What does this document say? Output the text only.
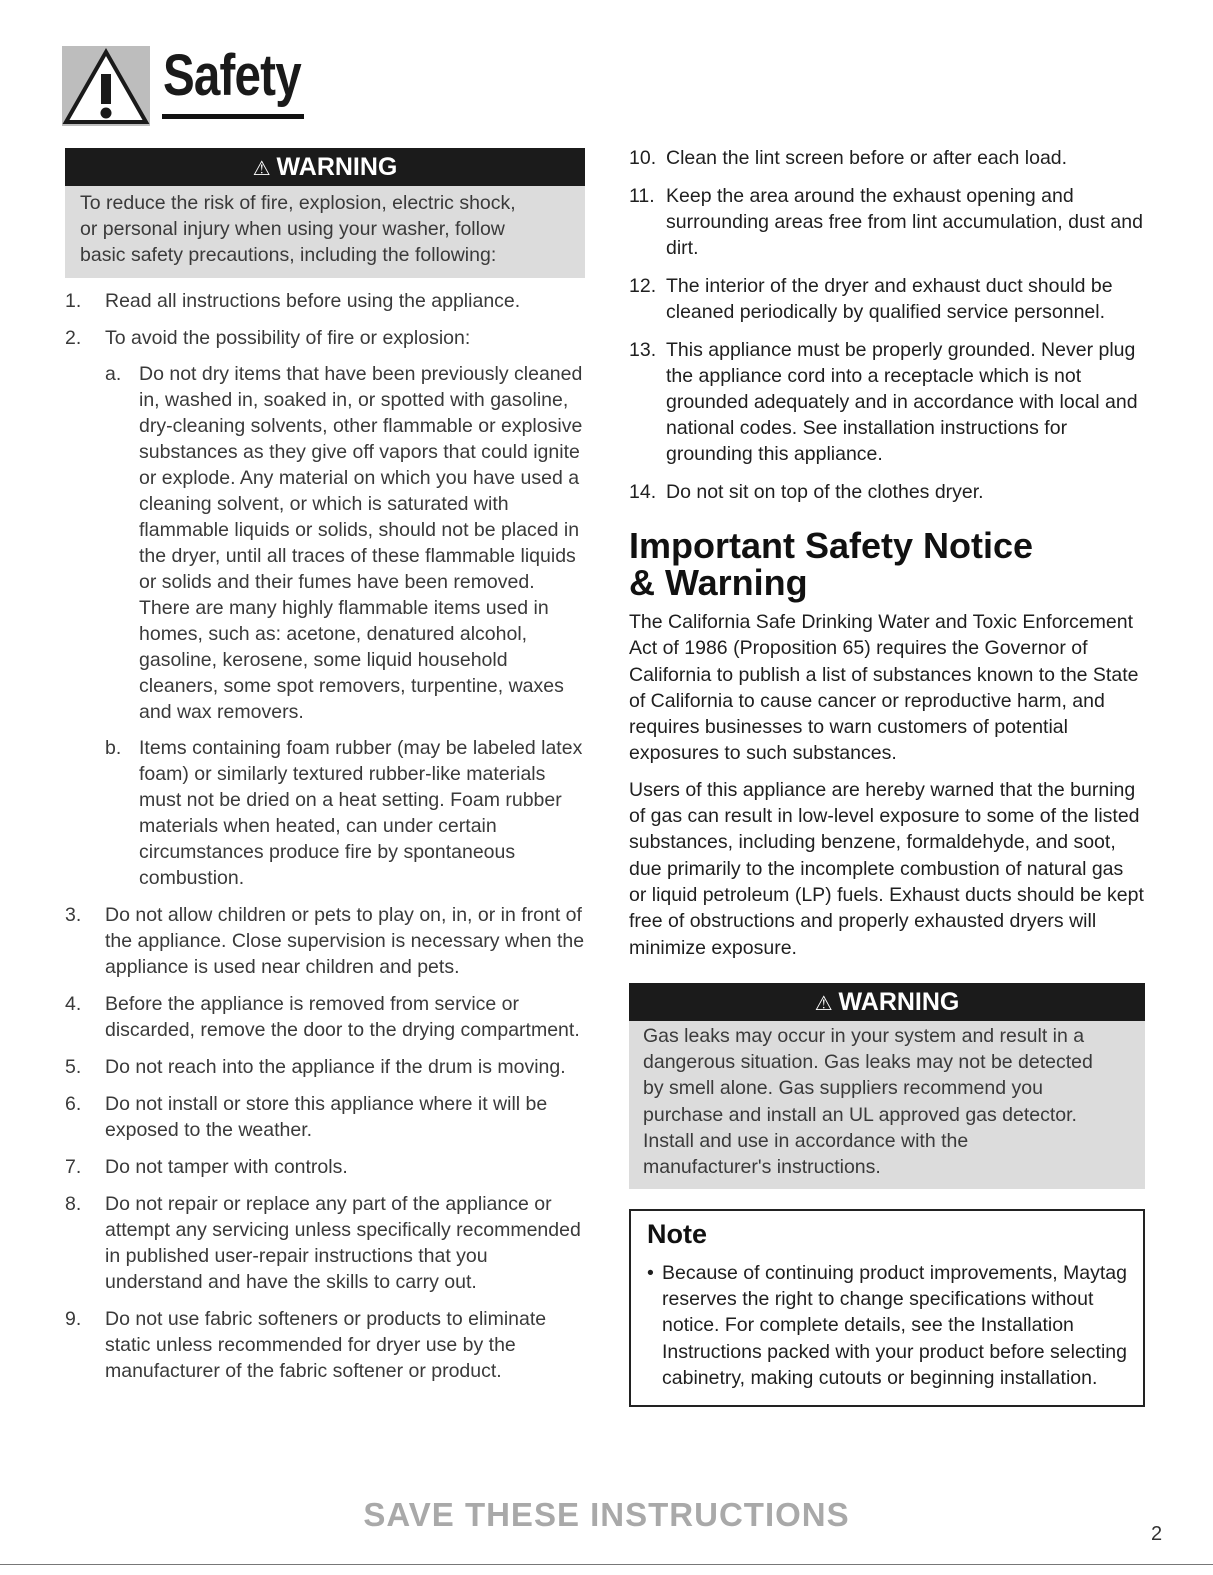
Safety
⚠ WARNING
To reduce the risk of fire, explosion, electric shock,
or personal injury when using your washer, follow
basic safety precautions, including the following:
1. Read all instructions before using the appliance.
2. To avoid the possibility of fire or explosion:
a. Do not dry items that have been previously cleaned in, washed in, soaked in, or spotted with gasoline, dry-cleaning solvents, other flammable or explosive substances as they give off vapors that could ignite or explode. Any material on which you have used a cleaning solvent, or which is saturated with flammable liquids or solids, should not be placed in the dryer, until all traces of these flammable liquids or solids and their fumes have been removed. There are many highly flammable items used in homes, such as: acetone, denatured alcohol, gasoline, kerosene, some liquid household cleaners, some spot removers, turpentine, waxes and wax removers.
b. Items containing foam rubber (may be labeled latex foam) or similarly textured rubber-like materials must not be dried on a heat setting. Foam rubber materials when heated, can under certain circumstances produce fire by spontaneous combustion.
3. Do not allow children or pets to play on, in, or in front of the appliance. Close supervision is necessary when the appliance is used near children and pets.
4. Before the appliance is removed from service or discarded, remove the door to the drying compartment.
5. Do not reach into the appliance if the drum is moving.
6. Do not install or store this appliance where it will be exposed to the weather.
7. Do not tamper with controls.
8. Do not repair or replace any part of the appliance or attempt any servicing unless specifically recommended in published user-repair instructions that you understand and have the skills to carry out.
9. Do not use fabric softeners or products to eliminate static unless recommended for dryer use by the manufacturer of the fabric softener or product.
10. Clean the lint screen before or after each load.
11. Keep the area around the exhaust opening and surrounding areas free from lint accumulation, dust and dirt.
12. The interior of the dryer and exhaust duct should be cleaned periodically by qualified service personnel.
13. This appliance must be properly grounded. Never plug the appliance cord into a receptacle which is not grounded adequately and in accordance with local and national codes. See installation instructions for grounding this appliance.
14. Do not sit on top of the clothes dryer.
Important Safety Notice
& Warning

The California Safe Drinking Water and Toxic Enforcement Act of 1986 (Proposition 65) requires the Governor of California to publish a list of substances known to the State of California to cause cancer or reproductive harm, and requires businesses to warn customers of potential exposures to such substances.

Users of this appliance are hereby warned that the burning of gas can result in low-level exposure to some of the listed substances, including benzene, formaldehyde, and soot, due primarily to the incomplete combustion of natural gas or liquid petroleum (LP) fuels. Exhaust ducts should be kept free of obstructions and properly exhausted dryers will minimize exposure.

⚠ WARNING
Gas leaks may occur in your system and result in a
dangerous situation. Gas leaks may not be detected
by smell alone. Gas suppliers recommend you
purchase and install an UL approved gas detector.
Install and use in accordance with the
manufacturer's instructions.
Note
• Because of continuing product improvements, Maytag reserves the right to change specifications without notice. For complete details, see the Installation Instructions packed with your product before selecting cabinetry, making cutouts or beginning installation.
SAVE THESE INSTRUCTIONS
2
